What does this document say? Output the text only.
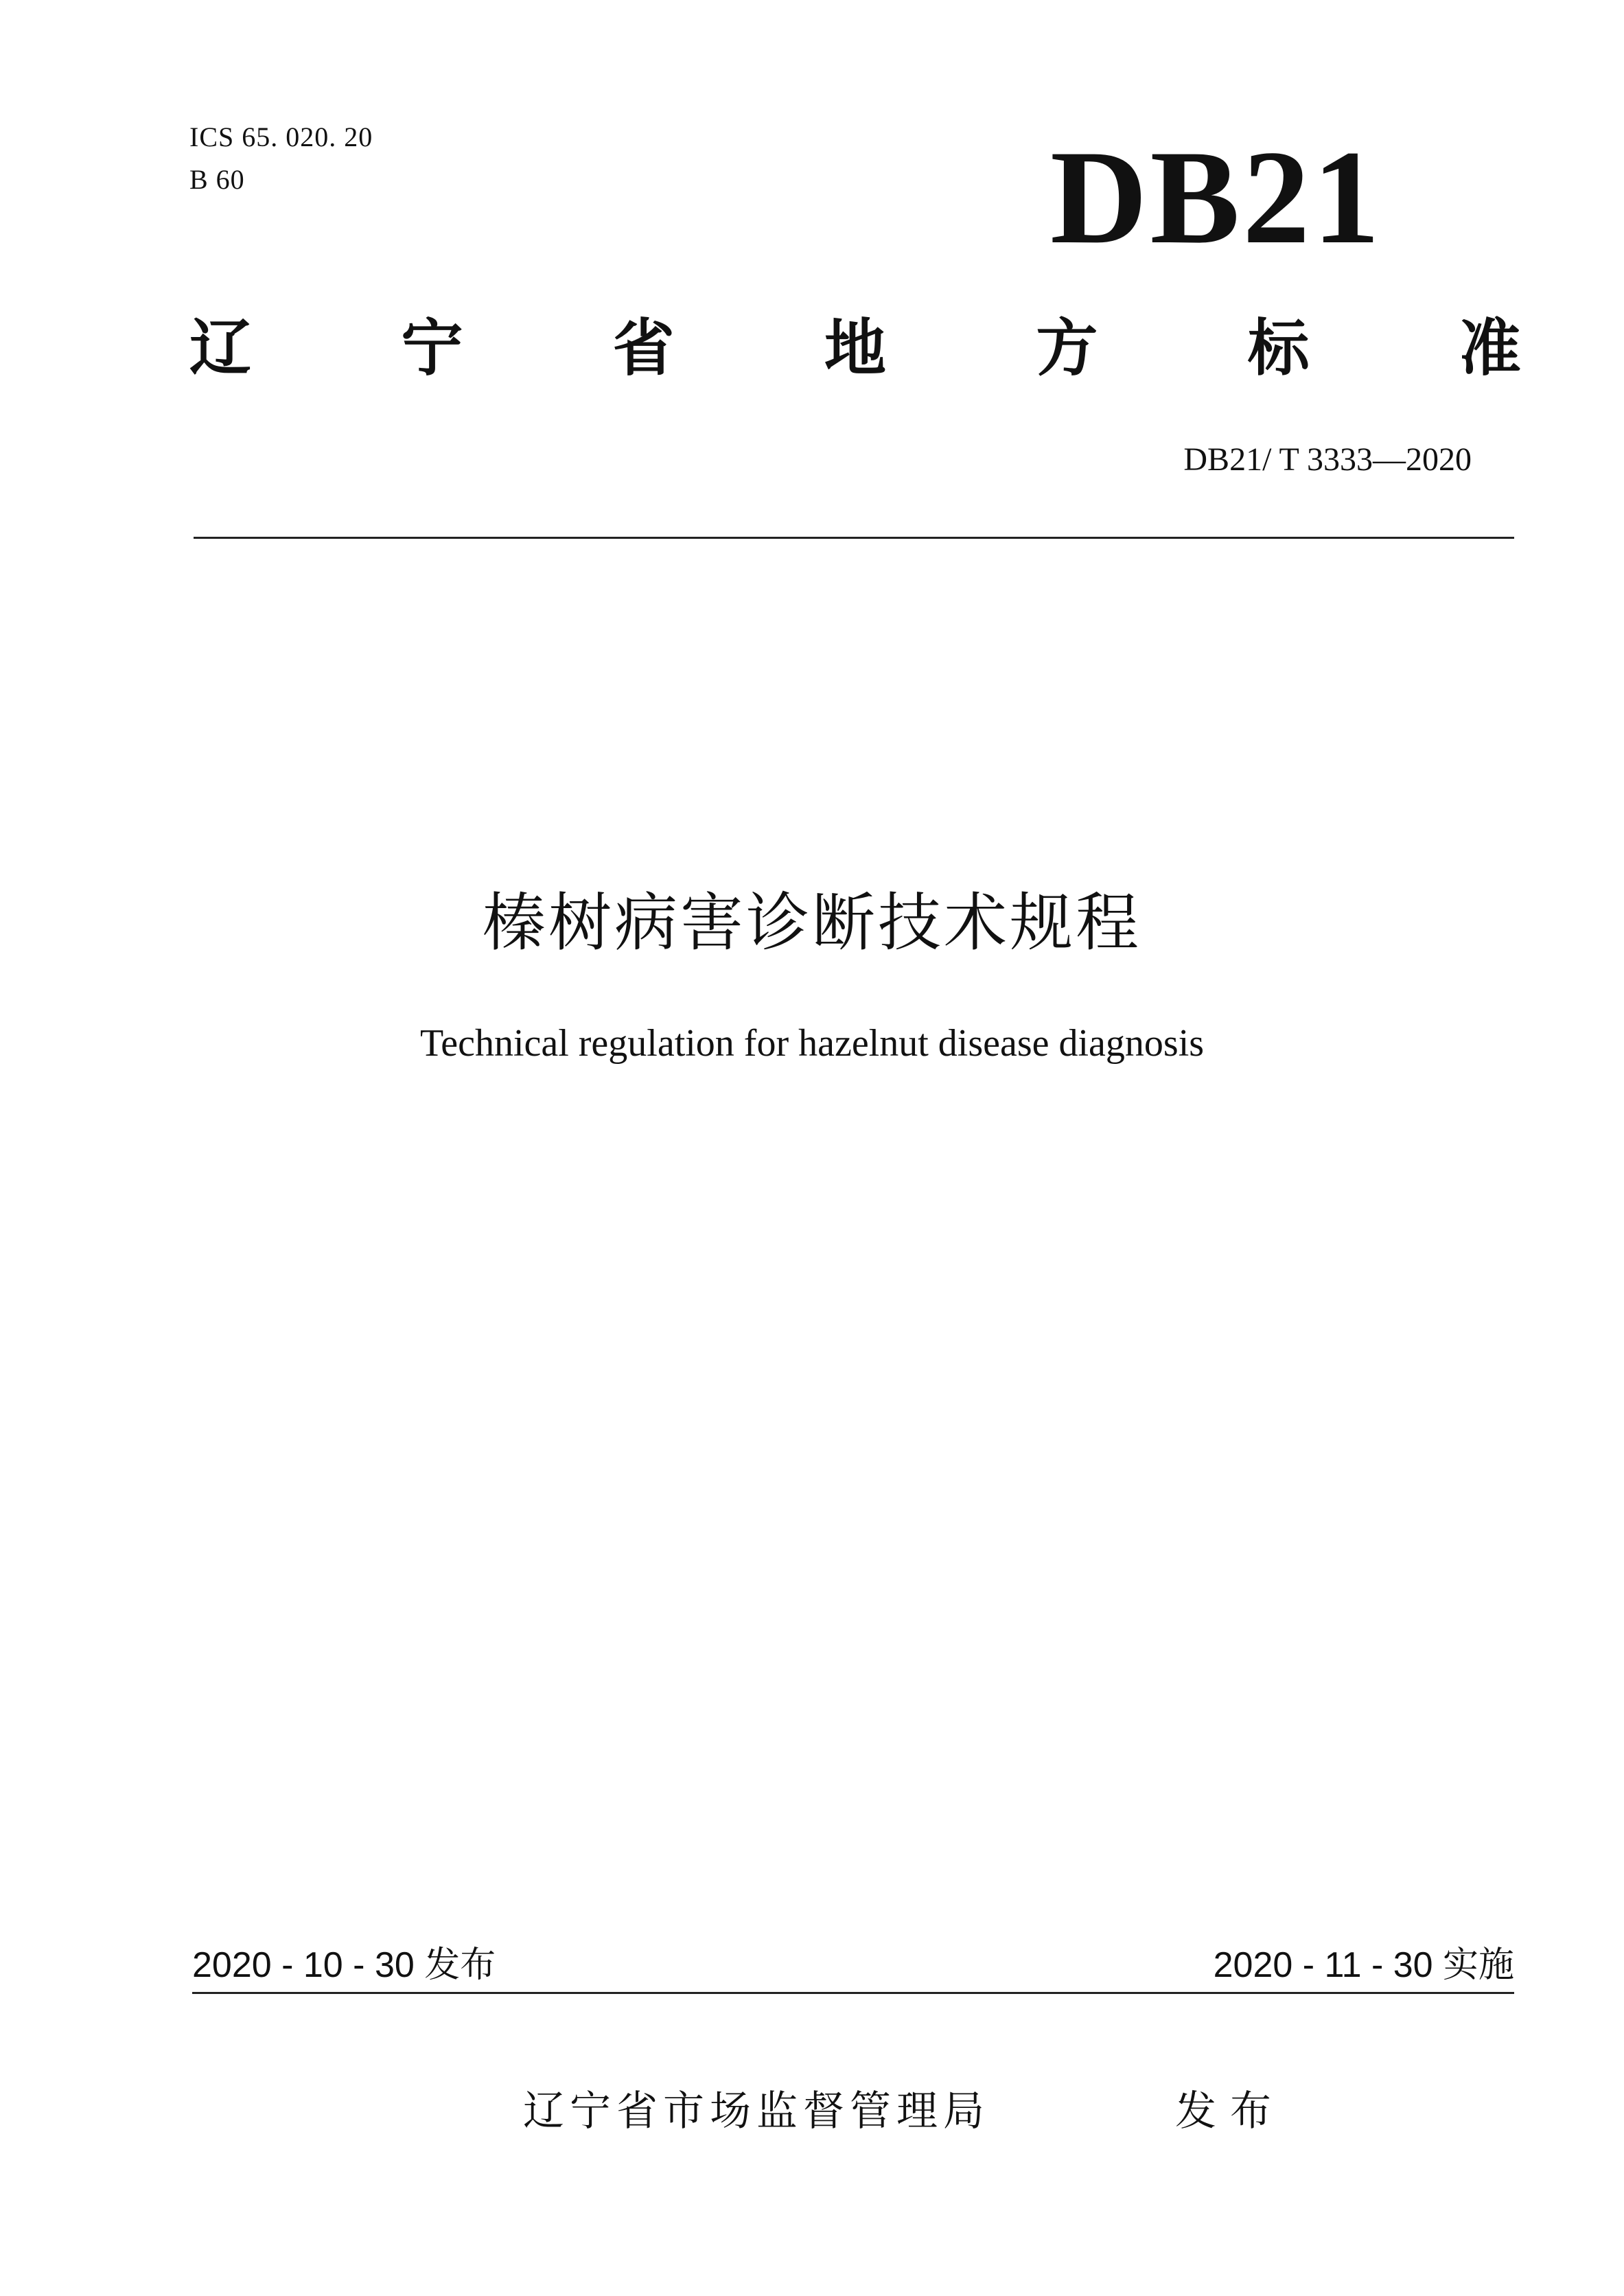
ICS 65. 020. 20
B 60	DB21
辽 宁 省 地 方 标 准
DB21/ T 3333—2020
榛树病害诊断技术规程
Technical regulation for hazelnut disease diagnosis
2020 - 10 - 30 发布	2020 - 11 - 30 实施
辽宁省市场监督管理局	发布
